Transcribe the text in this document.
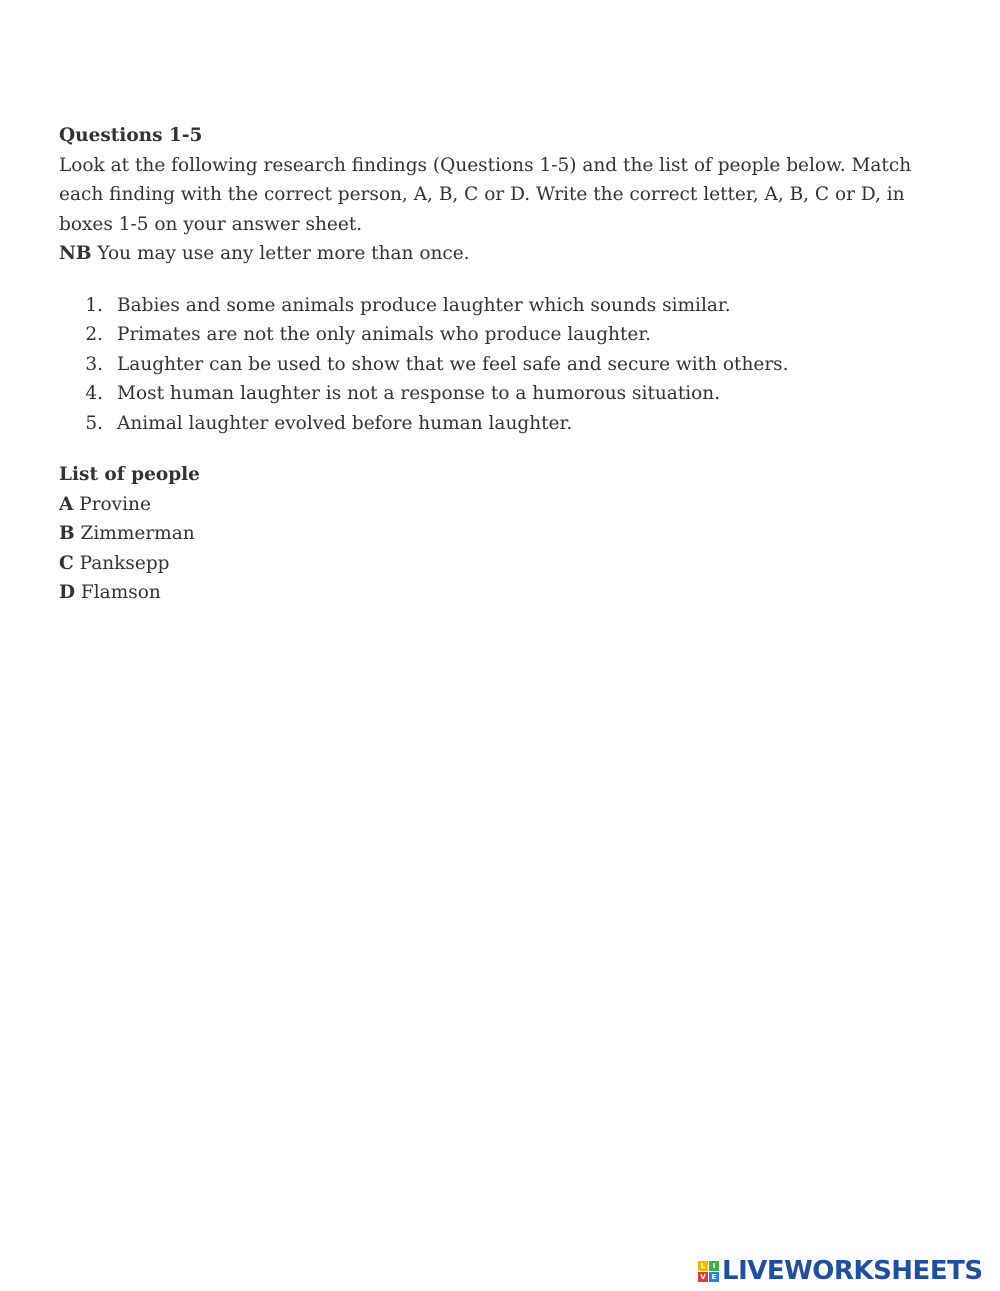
Questions 1-5

Look at the following research findings (Questions 1-5) and the list of people below. Match each finding with the correct person, A, B, C or D. Write the correct letter, A, B, C or D, in boxes 1-5 on your answer sheet.

NB You may use any letter more than once.

1. Babies and some animals produce laughter which sounds similar.
2. Primates are not the only animals who produce laughter.
3. Laughter can be used to show that we feel safe and secure with others.
4. Most human laughter is not a response to a humorous situation.
5. Animal laughter evolved before human laughter.

List of people

A Provine

B Zimmerman

C Panksepp

D Flamson

L	I
V E LIVEWORKSHEETS
